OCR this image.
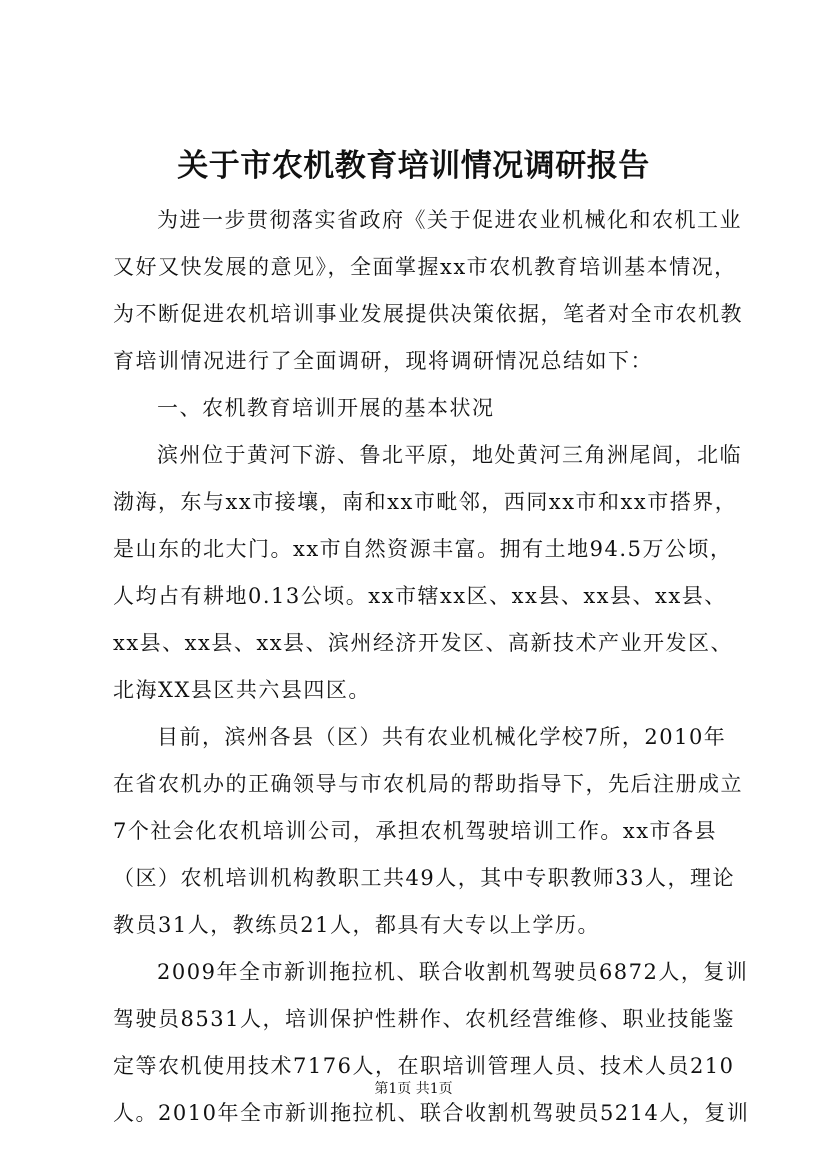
关于市农机教育培训情况调研报告
为进一步贯彻落实省政府《关于促进农业机械化和农机工业
又好又快发展的意见》，全面掌握xx市农机教育培训基本情况，
为不断促进农机培训事业发展提供决策依据，笔者对全市农机教
育培训情况进行了全面调研，现将调研情况总结如下：
一、农机教育培训开展的基本状况
滨州位于黄河下游、鲁北平原，地处黄河三角洲尾闾，北临
渤海，东与xx市接壤，南和xx市毗邻，西同xx市和xx市搭界，
是山东的北大门。xx市自然资源丰富。拥有土地94.5万公顷，
人均占有耕地0.13公顷。xx市辖xx区、xx县、xx县、xx县、
xx县、xx县、xx县、滨州经济开发区、高新技术产业开发区、
北海XX县区共六县四区。
目前，滨州各县（区）共有农业机械化学校7所，2010年
在省农机办的正确领导与市农机局的帮助指导下，先后注册成立
7个社会化农机培训公司，承担农机驾驶培训工作。xx市各县
（区）农机培训机构教职工共49人，其中专职教师33人，理论
教员31人，教练员21人，都具有大专以上学历。
2009年全市新训拖拉机、联合收割机驾驶员6872人，复训
驾驶员8531人，培训保护性耕作、农机经营维修、职业技能鉴
定等农机使用技术7176人，在职培训管理人员、技术人员210
人。2010年全市新训拖拉机、联合收割机驾驶员5214人，复训
第1页 共1页
